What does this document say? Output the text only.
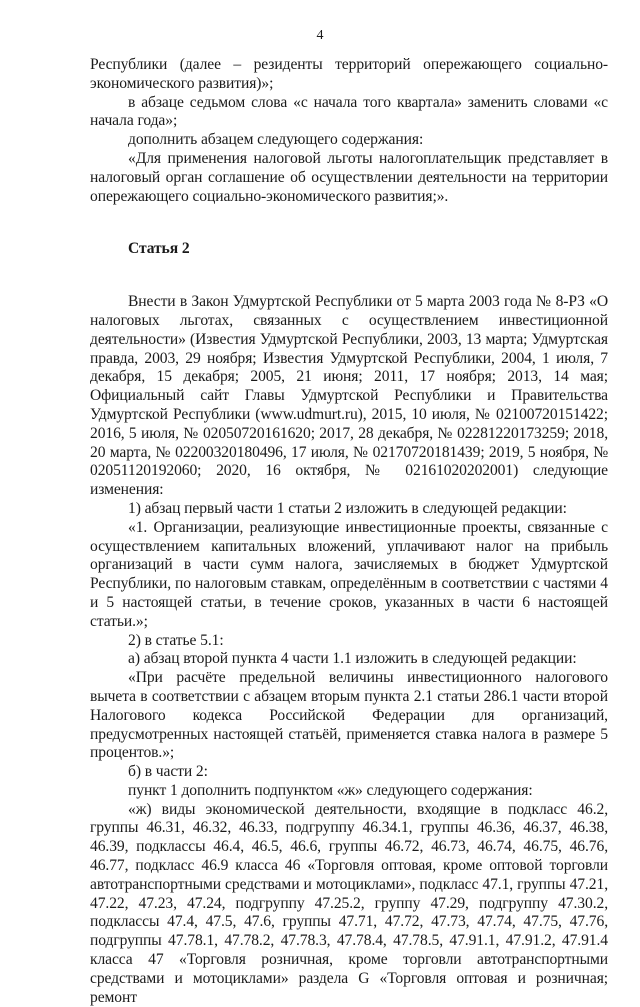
4

Республики (далее – резиденты территорий опережающего социально-экономического развития)»;

в абзаце седьмом слова «с начала того квартала» заменить словами «с начала года»;

дополнить абзацем следующего содержания:

«Для применения налоговой льготы налогоплательщик представляет в налоговый орган соглашение об осуществлении деятельности на территории опережающего социально-экономического развития;».

Статья 2

Внести в Закон Удмуртской Республики от 5 марта 2003 года № 8-РЗ «О налоговых льготах, связанных с осуществлением инвестиционной деятельности» (Известия Удмуртской Республики, 2003, 13 марта; Удмуртская правда, 2003, 29 ноября; Известия Удмуртской Республики, 2004, 1 июля, 7 декабря, 15 декабря; 2005, 21 июня; 2011, 17 ноября; 2013, 14 мая; Официальный сайт Главы Удмуртской Республики и Правительства Удмуртской Республики (www.udmurt.ru), 2015, 10 июля, № 02100720151422; 2016, 5 июля, № 02050720161620; 2017, 28 декабря, № 02281220173259; 2018, 20 марта, № 02200320180496, 17 июля, № 02170720181439; 2019, 5 ноября, № 02051120192060; 2020, 16 октября, № 02161020202001) следующие изменения:

1) абзац первый части 1 статьи 2 изложить в следующей редакции:

«1. Организации, реализующие инвестиционные проекты, связанные с осуществлением капитальных вложений, уплачивают налог на прибыль организаций в части сумм налога, зачисляемых в бюджет Удмуртской Республики, по налоговым ставкам, определённым в соответствии с частями 4 и 5 настоящей статьи, в течение сроков, указанных в части 6 настоящей статьи.»;

2) в статье 5.1:

а) абзац второй пункта 4 части 1.1 изложить в следующей редакции:

«При расчёте предельной величины инвестиционного налогового вычета в соответствии с абзацем вторым пункта 2.1 статьи 286.1 части второй Налогового кодекса Российской Федерации для организаций, предусмотренных настоящей статьёй, применяется ставка налога в размере 5 процентов.»;

б) в части 2:

пункт 1 дополнить подпунктом «ж» следующего содержания:

«ж) виды экономической деятельности, входящие в подкласс 46.2, группы 46.31, 46.32, 46.33, подгруппу 46.34.1, группы 46.36, 46.37, 46.38, 46.39, подклассы 46.4, 46.5, 46.6, группы 46.72, 46.73, 46.74, 46.75, 46.76, 46.77, подкласс 46.9 класса 46 «Торговля оптовая, кроме оптовой торговли автотранспортными средствами и мотоциклами», подкласс 47.1, группы 47.21, 47.22, 47.23, 47.24, подгруппу 47.25.2, группу 47.29, подгруппу 47.30.2, подклассы 47.4, 47.5, 47.6, группы 47.71, 47.72, 47.73, 47.74, 47.75, 47.76, подгруппы 47.78.1, 47.78.2, 47.78.3, 47.78.4, 47.78.5, 47.91.1, 47.91.2, 47.91.4 класса 47 «Торговля розничная, кроме торговли автотранспортными средствами и мотоциклами» раздела G «Торговля оптовая и розничная; ремонт
